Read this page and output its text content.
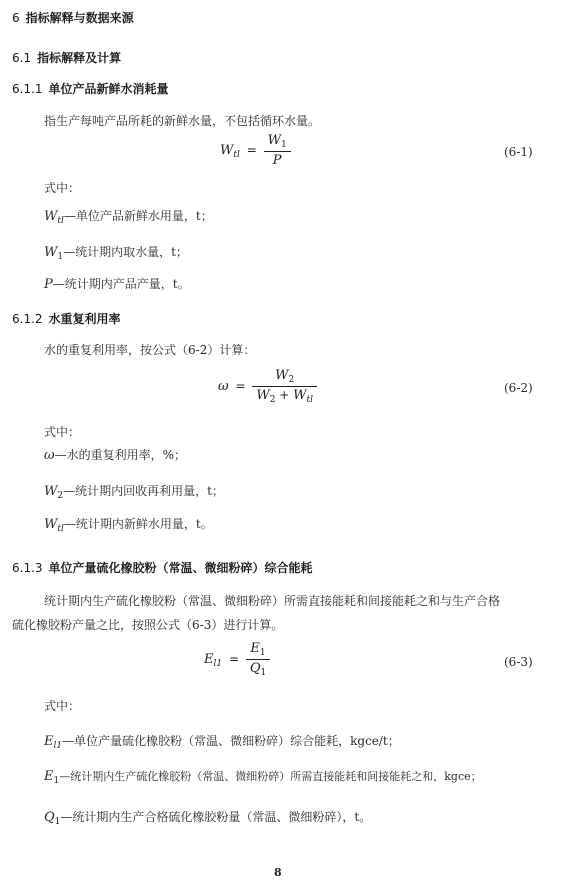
6 指标解释与数据来源
6.1 指标解释及计算
6.1.1 单位产品新鲜水消耗量
指生产每吨产品所耗的新鲜水量，不包括循环水量。
$W_{tl} = \frac{W_1}{P}$	(6-1)
式中：
$W_{tl}—$单位产品新鲜水用量，t；
$W_1—$统计期内取水量，t；
P—统计期内产品产量，t。
6.1.2 水重复利用率
水的重复利用率，按公式（6-2）计算：
$\omega = \frac{W_2}{W_2 + W_{tl}}$	(6-2)
式中：
ω—水的重复利用率，%；
$W_2—$统计期内回收再利用量，t；
$W_{tl}—$统计期内新鲜水用量，t。
6.1.3 单位产量硫化橡胶粉（常温、微细粉碎）综合能耗
统计期内生产硫化橡胶粉（常温、微细粉碎）所需直接能耗和间接能耗之和与生产合格
硫化橡胶粉产量之比，按照公式（6-3）进行计算。
$E_{l1} = \frac{E_1}{Q_1}$	(6-3)
式中：
$E_{l1}—$单位产量硫化橡胶粉（常温、微细粉碎）综合能耗，kgce/t；
$E_1—$统计期内生产硫化橡胶粉（常温、微细粉碎）所需直接能耗和间接能耗之和，kgce；
$Q_1—$统计期内生产合格硫化橡胶粉量（常温、微细粉碎），t。
8
